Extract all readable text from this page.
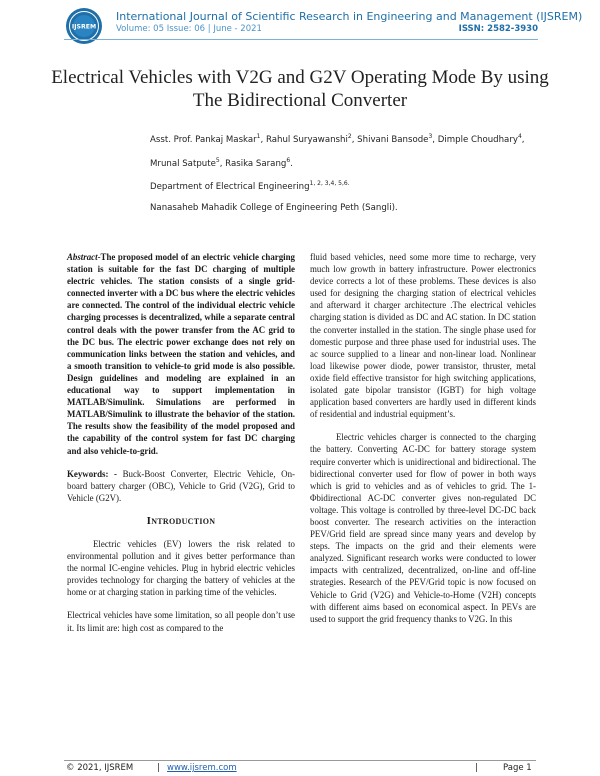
IJSREM
International Journal of Scientific Research in Engineering and Management (IJSREM)
Volume: 05 Issue: 06 | June - 2021	ISSN: 2582-3930
Electrical Vehicles with V2G and G2V Operating Mode By using The Bidirectional Converter
Asst. Prof. Pankaj Maskar$^1$, Rahul Suryawanshi$^2$, Shivani Bansode$^3$, Dimple Choudhary$^4$,
Mrunal Satpute$^5$, Rasika Sarang$^6$.
Department of Electrical Engineering$^{1, 2, 3,4, 5,6.}$
Nanasaheb Mahadik College of Engineering Peth (Sangli).

Abstract-The proposed model of an electric vehicle charging station is suitable for the fast DC charging of multiple electric vehicles. The station consists of a single grid-connected inverter with a DC bus where the electric vehicles are connected. The control of the individual electric vehicle charging processes is decentralized, while a separate central control deals with the power transfer from the AC grid to the DC bus. The electric power exchange does not rely on communication links between the station and vehicles, and a smooth transition to vehicle-to grid mode is also possible. Design guidelines and modeling are explained in an educational way to support implementation in MATLAB/Simulink. Simulations are performed in MATLAB/Simulink to illustrate the behavior of the station. The results show the feasibility of the model proposed and the capability of the control system for fast DC charging and also vehicle-to-grid.

Keywords: - Buck-Boost Converter, Electric Vehicle, On- board battery charger (OBC), Vehicle to Grid (V2G), Grid to Vehicle (G2V).

INTRODUCTION

Electric vehicles (EV) lowers the risk related to environmental pollution and it gives better performance than the normal IC-engine vehicles. Plug in hybrid electric vehicles provides technology for charging the battery of vehicles at the home or at charging station in parking time of the vehicles.

Electrical vehicles have some limitation, so all people don’t use it. Its limit are: high cost as compared to the

fluid based vehicles, need some more time to recharge, very much low growth in battery infrastructure. Power electronics device corrects a lot of these problems. These devices is also used for designing the charging station of electrical vehicles and afterward it charger architecture .The electrical vehicles charging station is divided as DC and AC station. In DC station the converter installed in the station. The single phase used for domestic purpose and three phase used for industrial uses. The ac source supplied to a linear and non-linear load. Nonlinear load likewise power diode, power transistor, thruster, metal oxide field effective transistor for high switching applications, isolated gate bipolar transistor (IGBT) for high voltage application based converters are hardly used in different kinds of residential and industrial equipment’s.

Electric vehicles charger is connected to the charging the battery. Converting AC-DC for battery storage system require converter which is unidirectional and bidirectional. The bidirectional converter used for flow of power in both ways which is grid to vehicles and as of vehicles to grid. The 1- Φbidirectional AC-DC converter gives non-regulated DC voltage. This voltage is controlled by three-level DC-DC back boost converter. The research activities on the interaction PEV/Grid field are spread since many years and develop by steps. The impacts on the grid and their elements were analyzed. Significant research works were conducted to lower impacts with centralized, decentralized, on-line and off-line strategies. Research of the PEV/Grid topic is now focused on Vehicle to Grid (V2G) and Vehicle-to-Home (V2H) concepts with different aims based on economical aspect. In PEVs are used to support the grid frequency thanks to V2G. In this

© 2021, IJSREM	| www.ijsrem.com	|	Page 1
